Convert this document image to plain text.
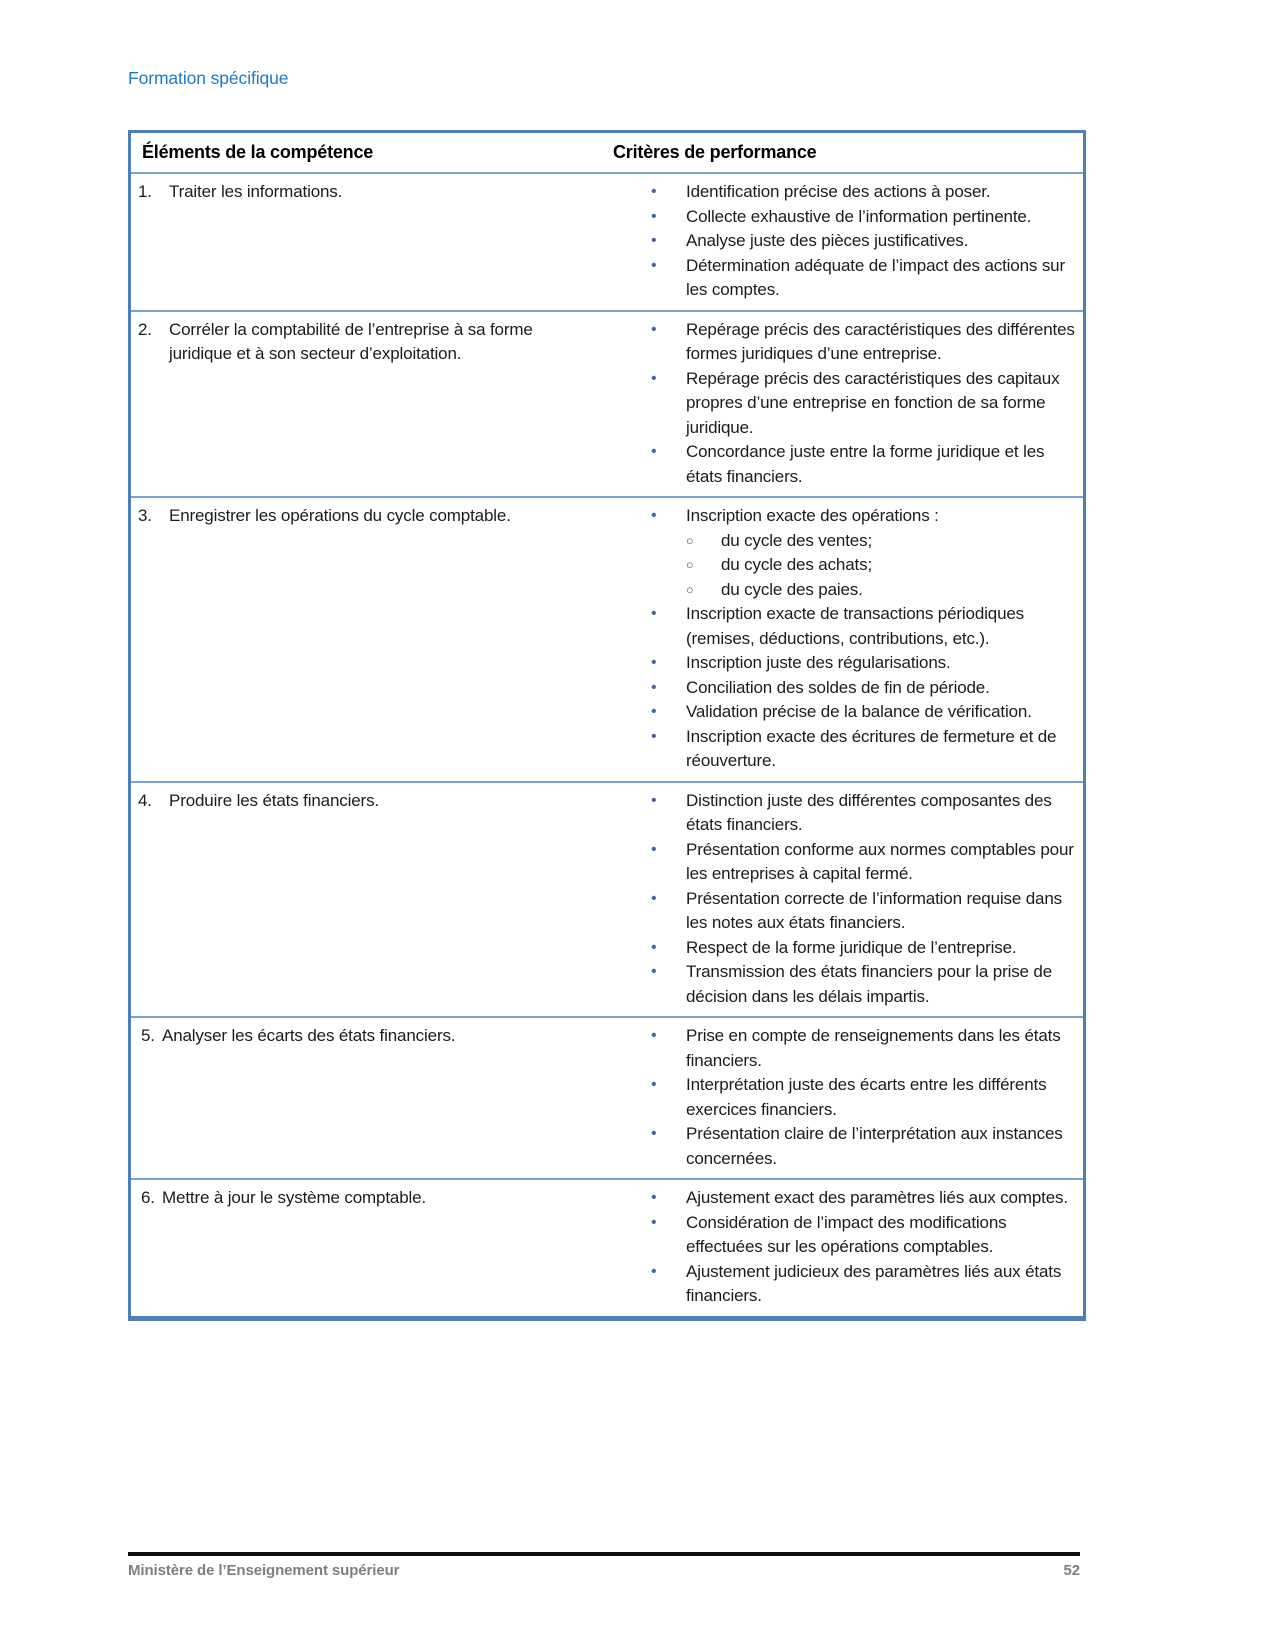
Formation spécifique
Éléments de la compétence	Critères de performance
1.	Traiter les informations.	•	Identification précise des actions à poser.
•	Collecte exhaustive de l’information pertinente.
•	Analyse juste des pièces justificatives.
•	Détermination adéquate de l’impact des actions sur les comptes.
2.	Corréler la comptabilité de l’entreprise à sa forme juridique et à son secteur d’exploitation.
•	Repérage précis des caractéristiques des différentes formes juridiques d’une entreprise.
•	Repérage précis des caractéristiques des capitaux propres d’une entreprise en fonction de sa forme juridique.
•	Concordance juste entre la forme juridique et les états financiers.
3.	Enregistrer les opérations du cycle comptable.	•	Inscription exacte des opérations :
○	du cycle des ventes;
○	du cycle des achats;
○	du cycle des paies.
•	Inscription exacte de transactions périodiques (remises, déductions, contributions, etc.).
•	Inscription juste des régularisations.
•	Conciliation des soldes de fin de période.
•	Validation précise de la balance de vérification.
•	Inscription exacte des écritures de fermeture et de réouverture.
4.	Produire les états financiers.	•	Distinction juste des différentes composantes des états financiers.
•	Présentation conforme aux normes comptables pour les entreprises à capital fermé.
•	Présentation correcte de l’information requise dans les notes aux états financiers.
•	Respect de la forme juridique de l’entreprise.
•	Transmission des états financiers pour la prise de décision dans les délais impartis.
5. Analyser les écarts des états financiers.	•	Prise en compte de renseignements dans les états financiers.
•	Interprétation juste des écarts entre les différents exercices financiers.
•	Présentation claire de l’interprétation aux instances concernées.
6. Mettre à jour le système comptable.	•	Ajustement exact des paramètres liés aux comptes.
•	Considération de l’impact des modifications effectuées sur les opérations comptables.
•	Ajustement judicieux des paramètres liés aux états financiers.
Ministère de l’Enseignement supérieur	52
